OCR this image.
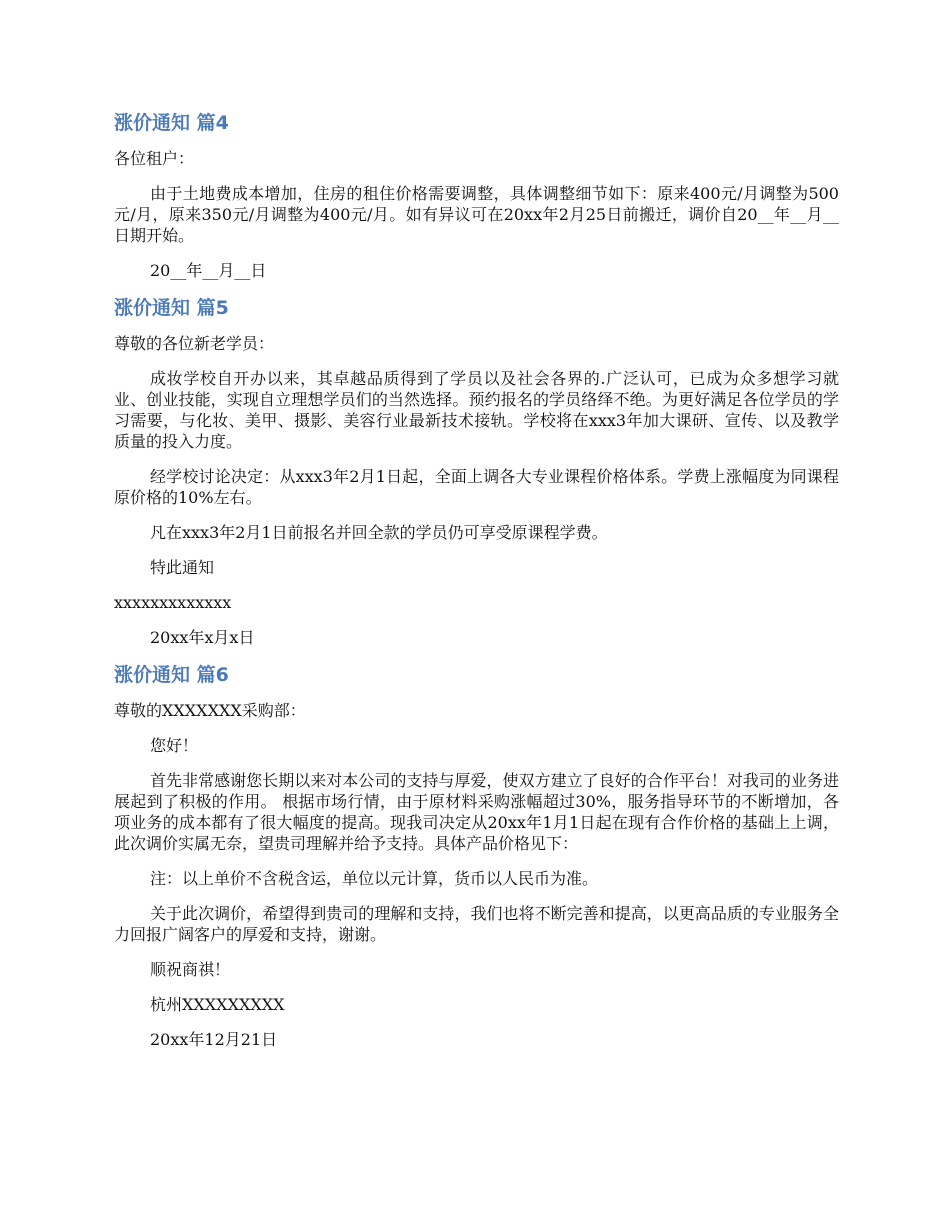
涨价通知 篇4
各位租户：
由于土地费成本增加，住房的租住价格需要调整，具体调整细节如下：原来400元/月调整为500元/月，原来350元/月调整为400元/月。如有异议可在20xx年2月25日前搬迁，调价自20__年__月__日期开始。
20__年__月__日
涨价通知 篇5
尊敬的各位新老学员：
成妆学校自开办以来，其卓越品质得到了学员以及社会各界的.广泛认可，已成为众多想学习就业、创业技能，实现自立理想学员们的当然选择。预约报名的学员络绎不绝。为更好满足各位学员的学习需要，与化妆、美甲、摄影、美容行业最新技术接轨。学校将在xxx3年加大课研、宣传、以及教学质量的投入力度。
经学校讨论决定：从xxx3年2月1日起，全面上调各大专业课程价格体系。学费上涨幅度为同课程原价格的10%左右。
凡在xxx3年2月1日前报名并回全款的学员仍可享受原课程学费。
特此通知
xxxxxxxxxxxxx
20xx年x月x日
涨价通知 篇6
尊敬的XXXXXXX采购部：
您好！
首先非常感谢您长期以来对本公司的支持与厚爱，使双方建立了良好的合作平台！对我司的业务进展起到了积极的作用。 根据市场行情，由于原材料采购涨幅超过30%，服务指导环节的不断增加，各项业务的成本都有了很大幅度的提高。现我司决定从20xx年1月1日起在现有合作价格的基础上上调，此次调价实属无奈，望贵司理解并给予支持。具体产品价格见下：
注：以上单价不含税含运，单位以元计算，货币以人民币为准。
关于此次调价，希望得到贵司的理解和支持，我们也将不断完善和提高，以更高品质的专业服务全力回报广阔客户的厚爱和支持，谢谢。
顺祝商祺！
杭州XXXXXXXXX
20xx年12月21日
